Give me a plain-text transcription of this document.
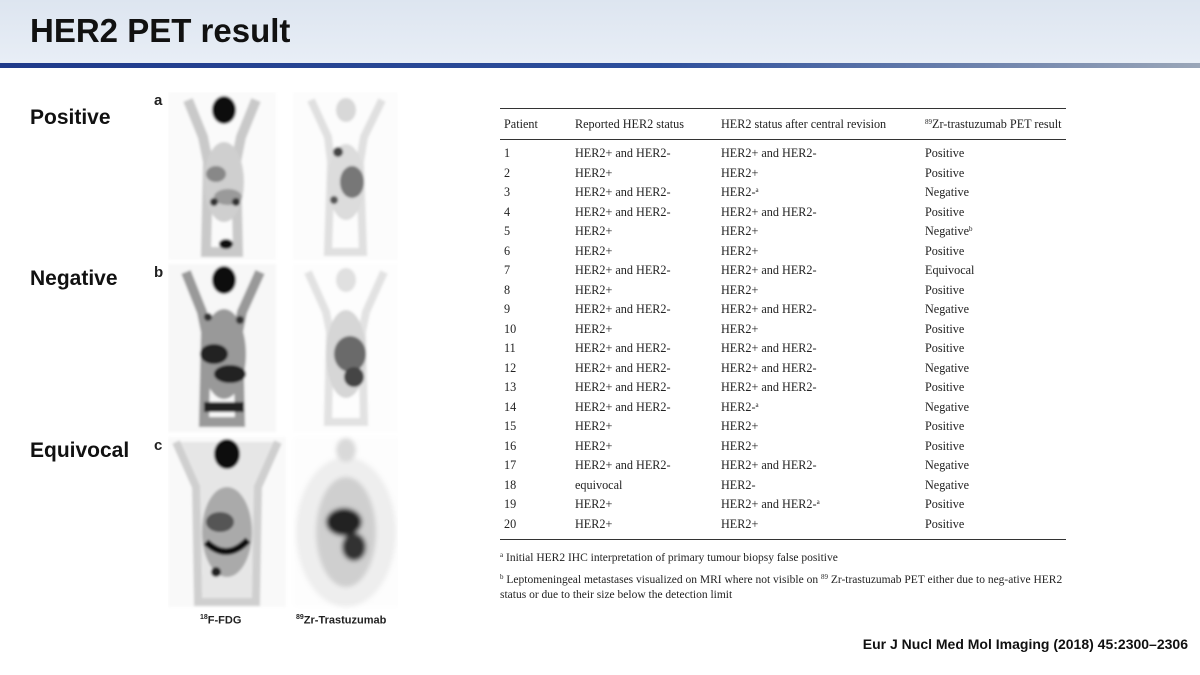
HER2 PET result
Positive
Negative
Equivocal
a
b
c
$^{18}$F-FDG	$^{89}$Zr-Trastuzumab
Patient	Reported HER2 status	HER2 status after central revision	$^{89}$Zr-trastuzumab PET result
1	HER2+ and HER2-	HER2+ and HER2-	Positive
2	HER2+	HER2+	Positive
3	HER2+ and HER2-	HER2-$^a$	Negative
4	HER2+ and HER2-	HER2+ and HER2-	Positive
5	HER2+	HER2+	Negative$^b$
6	HER2+	HER2+	Positive
7	HER2+ and HER2-	HER2+ and HER2-	Equivocal
8	HER2+	HER2+	Positive
9	HER2+ and HER2-	HER2+ and HER2-	Negative
10	HER2+	HER2+	Positive
11	HER2+ and HER2-	HER2+ and HER2-	Positive
12	HER2+ and HER2-	HER2+ and HER2-	Negative
13	HER2+ and HER2-	HER2+ and HER2-	Positive
14	HER2+ and HER2-	HER2-$^a$	Negative
15	HER2+	HER2+	Positive
16	HER2+	HER2+	Positive
17	HER2+ and HER2-	HER2+ and HER2-	Negative
18	equivocal	HER2-	Negative
19	HER2+	HER2+ and HER2-$^a$	Positive
20	HER2+	HER2+	Positive
$^a$ Initial HER2 IHC interpretation of primary tumour biopsy false positive
$^b$ Leptomeningeal metastases visualized on MRI where not visible on $^{89}$ Zr-trastuzumab PET either due to neg-ative HER2 status or due to their size below the detection limit
Eur J Nucl Med Mol Imaging (2018) 45:2300–2306
